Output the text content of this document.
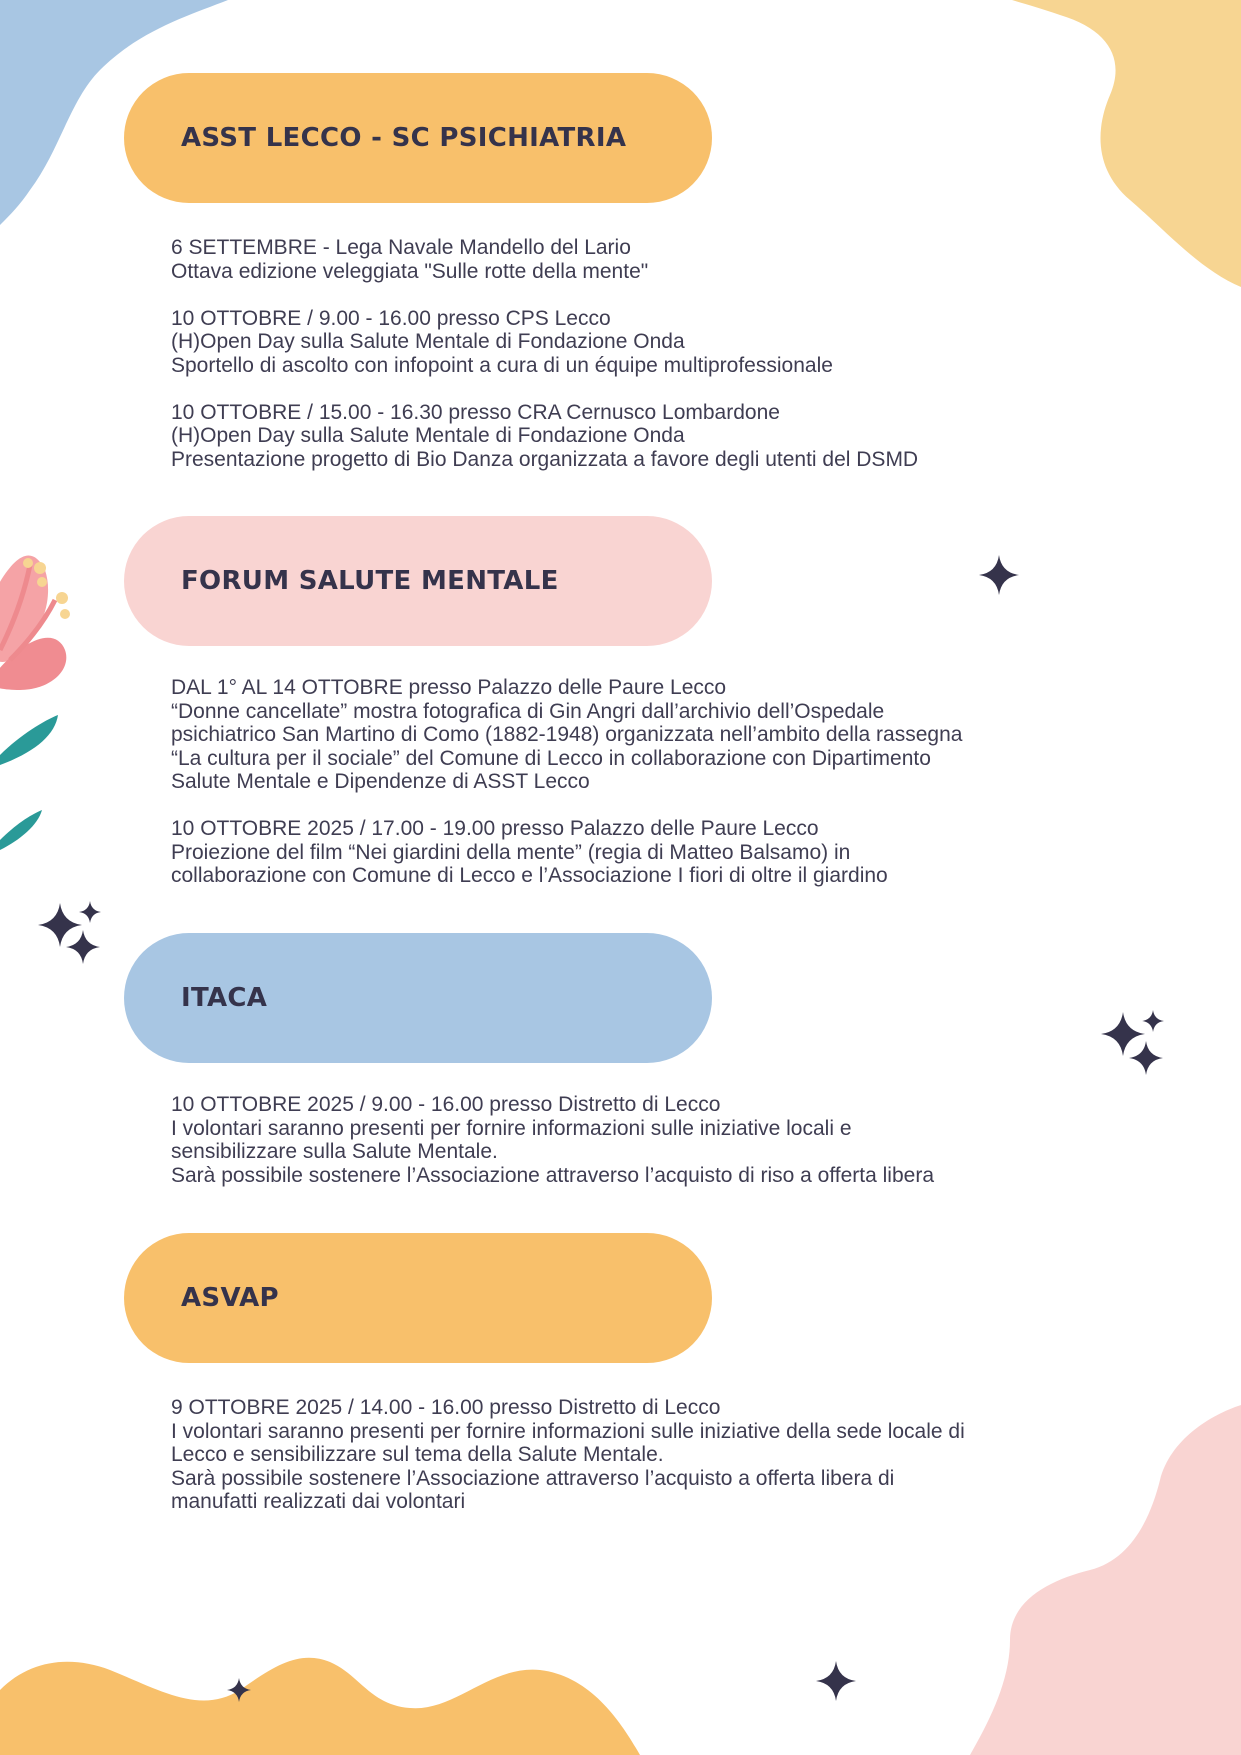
ASST LECCO - SC PSICHIATRIA
6 SETTEMBRE - Lega Navale Mandello del Lario
Ottava edizione veleggiata "Sulle rotte della mente"
10 OTTOBRE / 9.00 - 16.00 presso CPS Lecco
(H)Open Day sulla Salute Mentale di Fondazione Onda
Sportello di ascolto con infopoint a cura di un équipe multiprofessionale
10 OTTOBRE / 15.00 - 16.30 presso CRA Cernusco Lombardone
(H)Open Day sulla Salute Mentale di Fondazione Onda
Presentazione progetto di Bio Danza organizzata a favore degli utenti del DSMD
FORUM SALUTE MENTALE
DAL 1° AL 14 OTTOBRE presso Palazzo delle Paure Lecco
“Donne cancellate” mostra fotografica di Gin Angri dall’archivio dell’Ospedale
psichiatrico San Martino di Como (1882-1948) organizzata nell’ambito della rassegna
“La cultura per il sociale” del Comune di Lecco in collaborazione con Dipartimento
Salute Mentale e Dipendenze di ASST Lecco
10 OTTOBRE 2025 / 17.00 - 19.00 presso Palazzo delle Paure Lecco
Proiezione del film “Nei giardini della mente” (regia di Matteo Balsamo) in
collaborazione con Comune di Lecco e l’Associazione I fiori di oltre il giardino
ITACA
10 OTTOBRE 2025 / 9.00 - 16.00 presso Distretto di Lecco
I volontari saranno presenti per fornire informazioni sulle iniziative locali e
sensibilizzare sulla Salute Mentale.
Sarà possibile sostenere l’Associazione attraverso l’acquisto di riso a offerta libera
ASVAP
9 OTTOBRE 2025 / 14.00 - 16.00 presso Distretto di Lecco
I volontari saranno presenti per fornire informazioni sulle iniziative della sede locale di
Lecco e sensibilizzare sul tema della Salute Mentale.
Sarà possibile sostenere l’Associazione attraverso l’acquisto a offerta libera di
manufatti realizzati dai volontari
